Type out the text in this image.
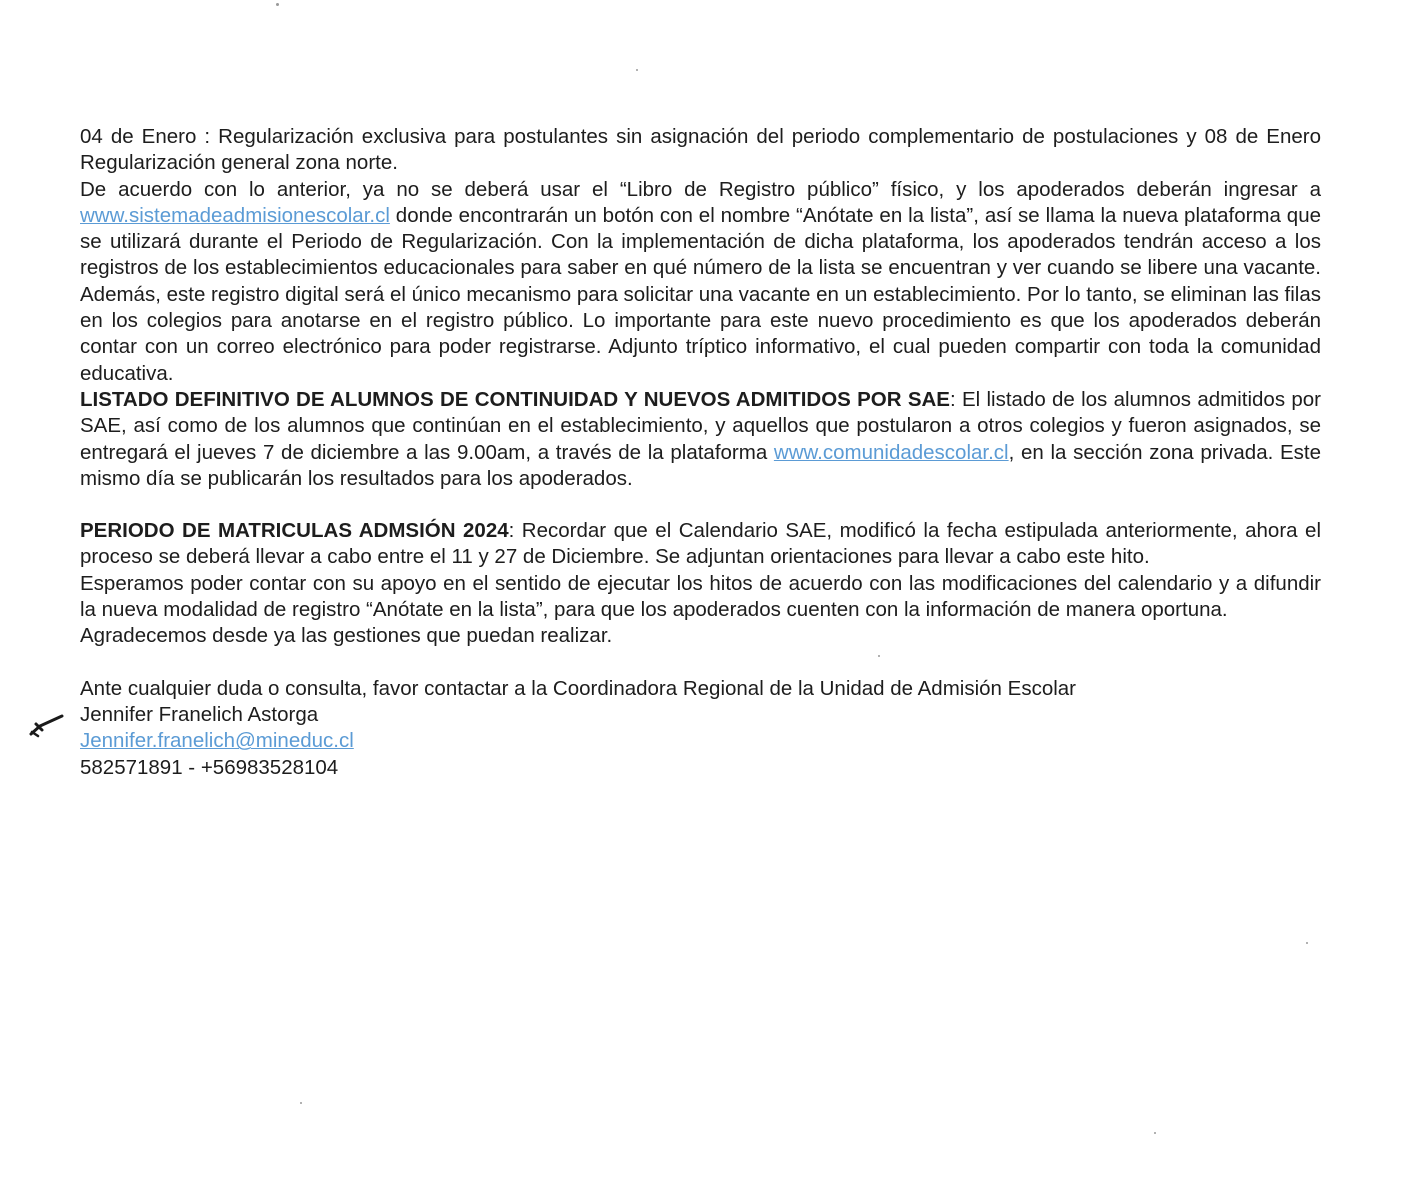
04 de Enero : Regularización exclusiva para postulantes sin asignación del periodo complementario de postulaciones y 08 de Enero Regularización general zona norte.

De acuerdo con lo anterior, ya no se deberá usar el “Libro de Registro público” físico, y los apoderados deberán ingresar a www.sistemadeadmisionescolar.cl donde encontrarán un botón con el nombre “Anótate en la lista”, así se llama la nueva plataforma que se utilizará durante el Periodo de Regularización. Con la implementación de dicha plataforma, los apoderados tendrán acceso a los registros de los establecimientos educacionales para saber en qué número de la lista se encuentran y ver cuando se libere una vacante. Además, este registro digital será el único mecanismo para solicitar una vacante en un establecimiento. Por lo tanto, se eliminan las filas en los colegios para anotarse en el registro público. Lo importante para este nuevo procedimiento es que los apoderados deberán contar con un correo electrónico para poder registrarse. Adjunto tríptico informativo, el cual pueden compartir con toda la comunidad educativa.

LISTADO DEFINITIVO DE ALUMNOS DE CONTINUIDAD Y NUEVOS ADMITIDOS POR SAE: El listado de los alumnos admitidos por SAE, así como de los alumnos que continúan en el establecimiento, y aquellos que postularon a otros colegios y fueron asignados, se entregará el jueves 7 de diciembre a las 9.00am, a través de la plataforma www.comunidadescolar.cl, en la sección zona privada. Este mismo día se publicarán los resultados para los apoderados.

PERIODO DE MATRICULAS ADMSIÓN 2024: Recordar que el Calendario SAE, modificó la fecha estipulada anteriormente, ahora el proceso se deberá llevar a cabo entre el 11 y 27 de Diciembre. Se adjuntan orientaciones para llevar a cabo este hito.

Esperamos poder contar con su apoyo en el sentido de ejecutar los hitos de acuerdo con las modificaciones del calendario y a difundir la nueva modalidad de registro “Anótate en la lista”, para que los apoderados cuenten con la información de manera oportuna.

Agradecemos desde ya las gestiones que puedan realizar.

Ante cualquier duda o consulta, favor contactar a la Coordinadora Regional de la Unidad de Admisión Escolar

Jennifer Franelich Astorga

Jennifer.franelich@mineduc.cl

582571891 - +56983528104
